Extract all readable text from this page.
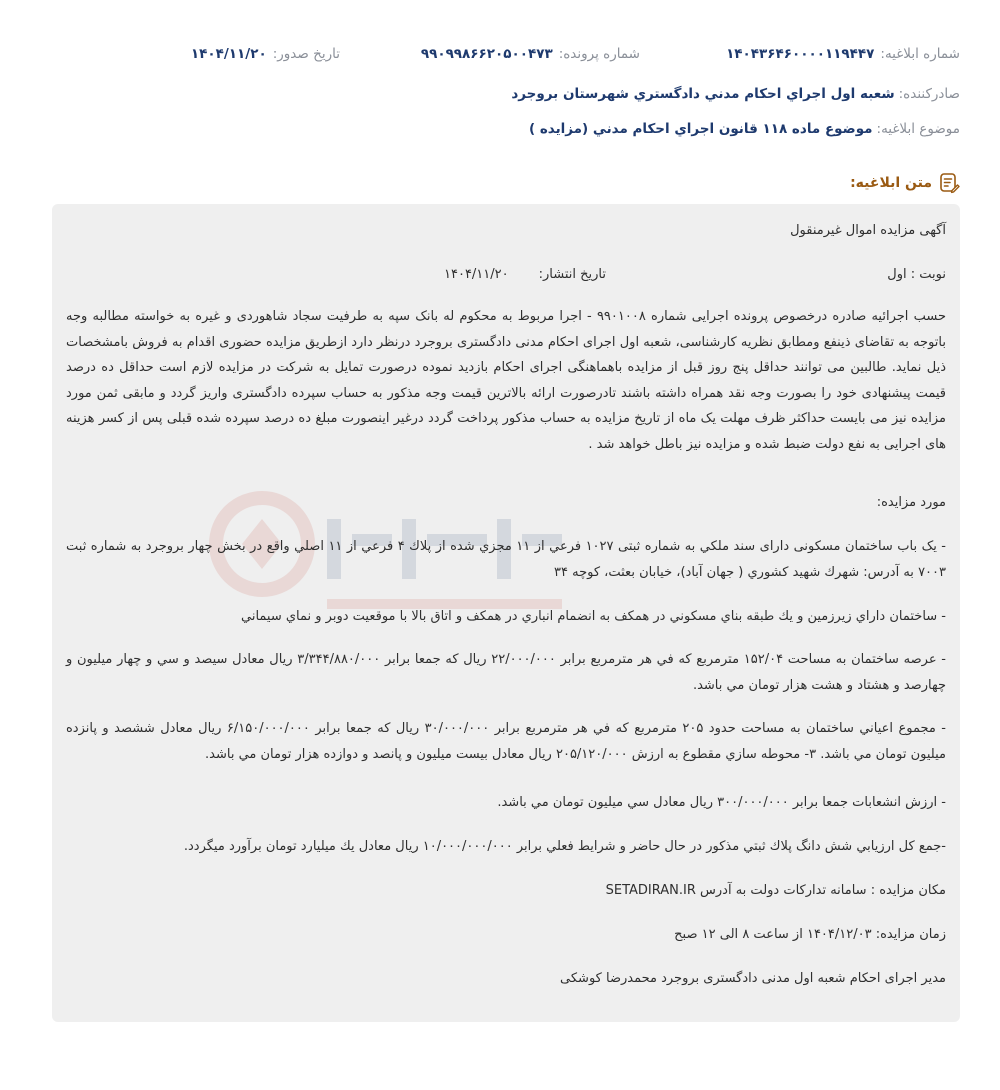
شماره ابلاغيه:۱۴۰۴۳۶۴۶۰۰۰۰۱۱۹۴۴۷
شماره پرونده:۹۹۰۹۹۸۶۶۲۰۵۰۰۴۷۳
تاريخ صدور:۱۴۰۴/۱۱/۲۰
صادرکننده:شعبه اول اجراي احكام مدني دادگستري شهرستان بروجرد
موضوع ابلاغيه:موضوع ماده ۱۱۸ قانون اجراي احكام مدني (مزايده )
متن ابلاغيه:
آگهی مزایده اموال غیرمنقول
نوبت : اول
تاریخ انتشار:۱۴۰۴/۱۱/۲۰
حسب اجرائیه صادره درخصوص پرونده اجرایی شماره ۹۹۰۱۰۰۸ - اجرا مربوط به محکوم له بانک سپه به طرفیت سجاد شاهوردی و غیره به خواسته مطالبه وجه باتوجه به تقاضای ذینفع ومطابق نظریه کارشناسی، شعبه اول اجرای احکام مدنی دادگستری بروجرد درنظر دارد ازطریق مزایده حضوری اقدام به فروش بامشخصات ذیل نماید. طالبین می توانند حداقل پنج روز قبل از مزایده باهماهنگی اجرای احکام بازدید نموده درصورت تمایل به شرکت در مزایده لازم است حداقل ده درصد قیمت پیشنهادی خود را بصورت وجه نقد همراه داشته باشند تادرصورت ارائه بالاترین قیمت وجه مذکور به حساب سپرده دادگستری واریز گردد و مابقی ثمن مورد مزایده نیز می بایست حداکثر ظرف مهلت یک ماه از تاریخ مزایده به حساب مذکور پرداخت گردد درغیر اینصورت مبلغ ده درصد سپرده شده قبلی پس از کسر هزینه های اجرایی به نفع دولت ضبط شده و مزایده نیز باطل خواهد شد .
مورد مزایده:
- یک باب ساختمان مسکونی دارای سند ملكي به شماره ثبتی ۱۰۲۷ فرعي از ۱۱ مجزي شده از پلاك ۴ فرعي از ۱۱ اصلي واقع در بخش چهار بروجرد به شماره ثبت ۷۰۰۳ به آدرس: شهرك شهيد كشوري ( جهان آباد)، خيابان بعثت، كوچه ۳۴
- ساختمان داراي زيرزمين و يك طبقه بناي مسكوني در همكف به انضمام انباري در همكف و اتاق بالا با موقعيت دوبر و نماي سيماني
- عرصه ساختمان به مساحت ۱۵۲/۰۴ مترمربع كه في هر مترمربع برابر ۲۲/۰۰۰/۰۰۰ ريال كه جمعا برابر ۳/۳۴۴/۸۸۰/۰۰۰ ريال معادل سيصد و سي و چهار ميليون و چهارصد و هشتاد و هشت هزار تومان مي باشد.
- مجموع اعياني ساختمان به مساحت حدود ۲۰۵ مترمربع كه في هر مترمربع برابر ۳۰/۰۰۰/۰۰۰ ريال كه جمعا برابر ۶/۱۵۰/۰۰۰/۰۰۰ ريال معادل ششصد و پانزده ميليون تومان مي باشد. ۳- محوطه سازي مقطوع به ارزش ۲۰۵/۱۲۰/۰۰۰ ريال معادل بيست ميليون و پانصد و دوازده هزار تومان مي باشد.
- ارزش انشعابات جمعا برابر ۳۰۰/۰۰۰/۰۰۰ ريال معادل سي ميليون تومان مي باشد.
-جمع كل ارزيابي شش دانگ پلاك ثبتي مذكور در حال حاضر و شرايط فعلي برابر ۱۰/۰۰۰/۰۰۰/۰۰۰ ريال معادل يك ميليارد تومان برآورد ميگردد.
مکان مزایده : سامانه تدارکات دولت به آدرس SETADIRAN.IR
زمان مزایده: ۱۴۰۴/۱۲/۰۳ از ساعت ۸ الی ۱۲ صبح
مدیر اجرای احکام شعبه اول مدنی دادگستری بروجرد محمدرضا کوشکی
